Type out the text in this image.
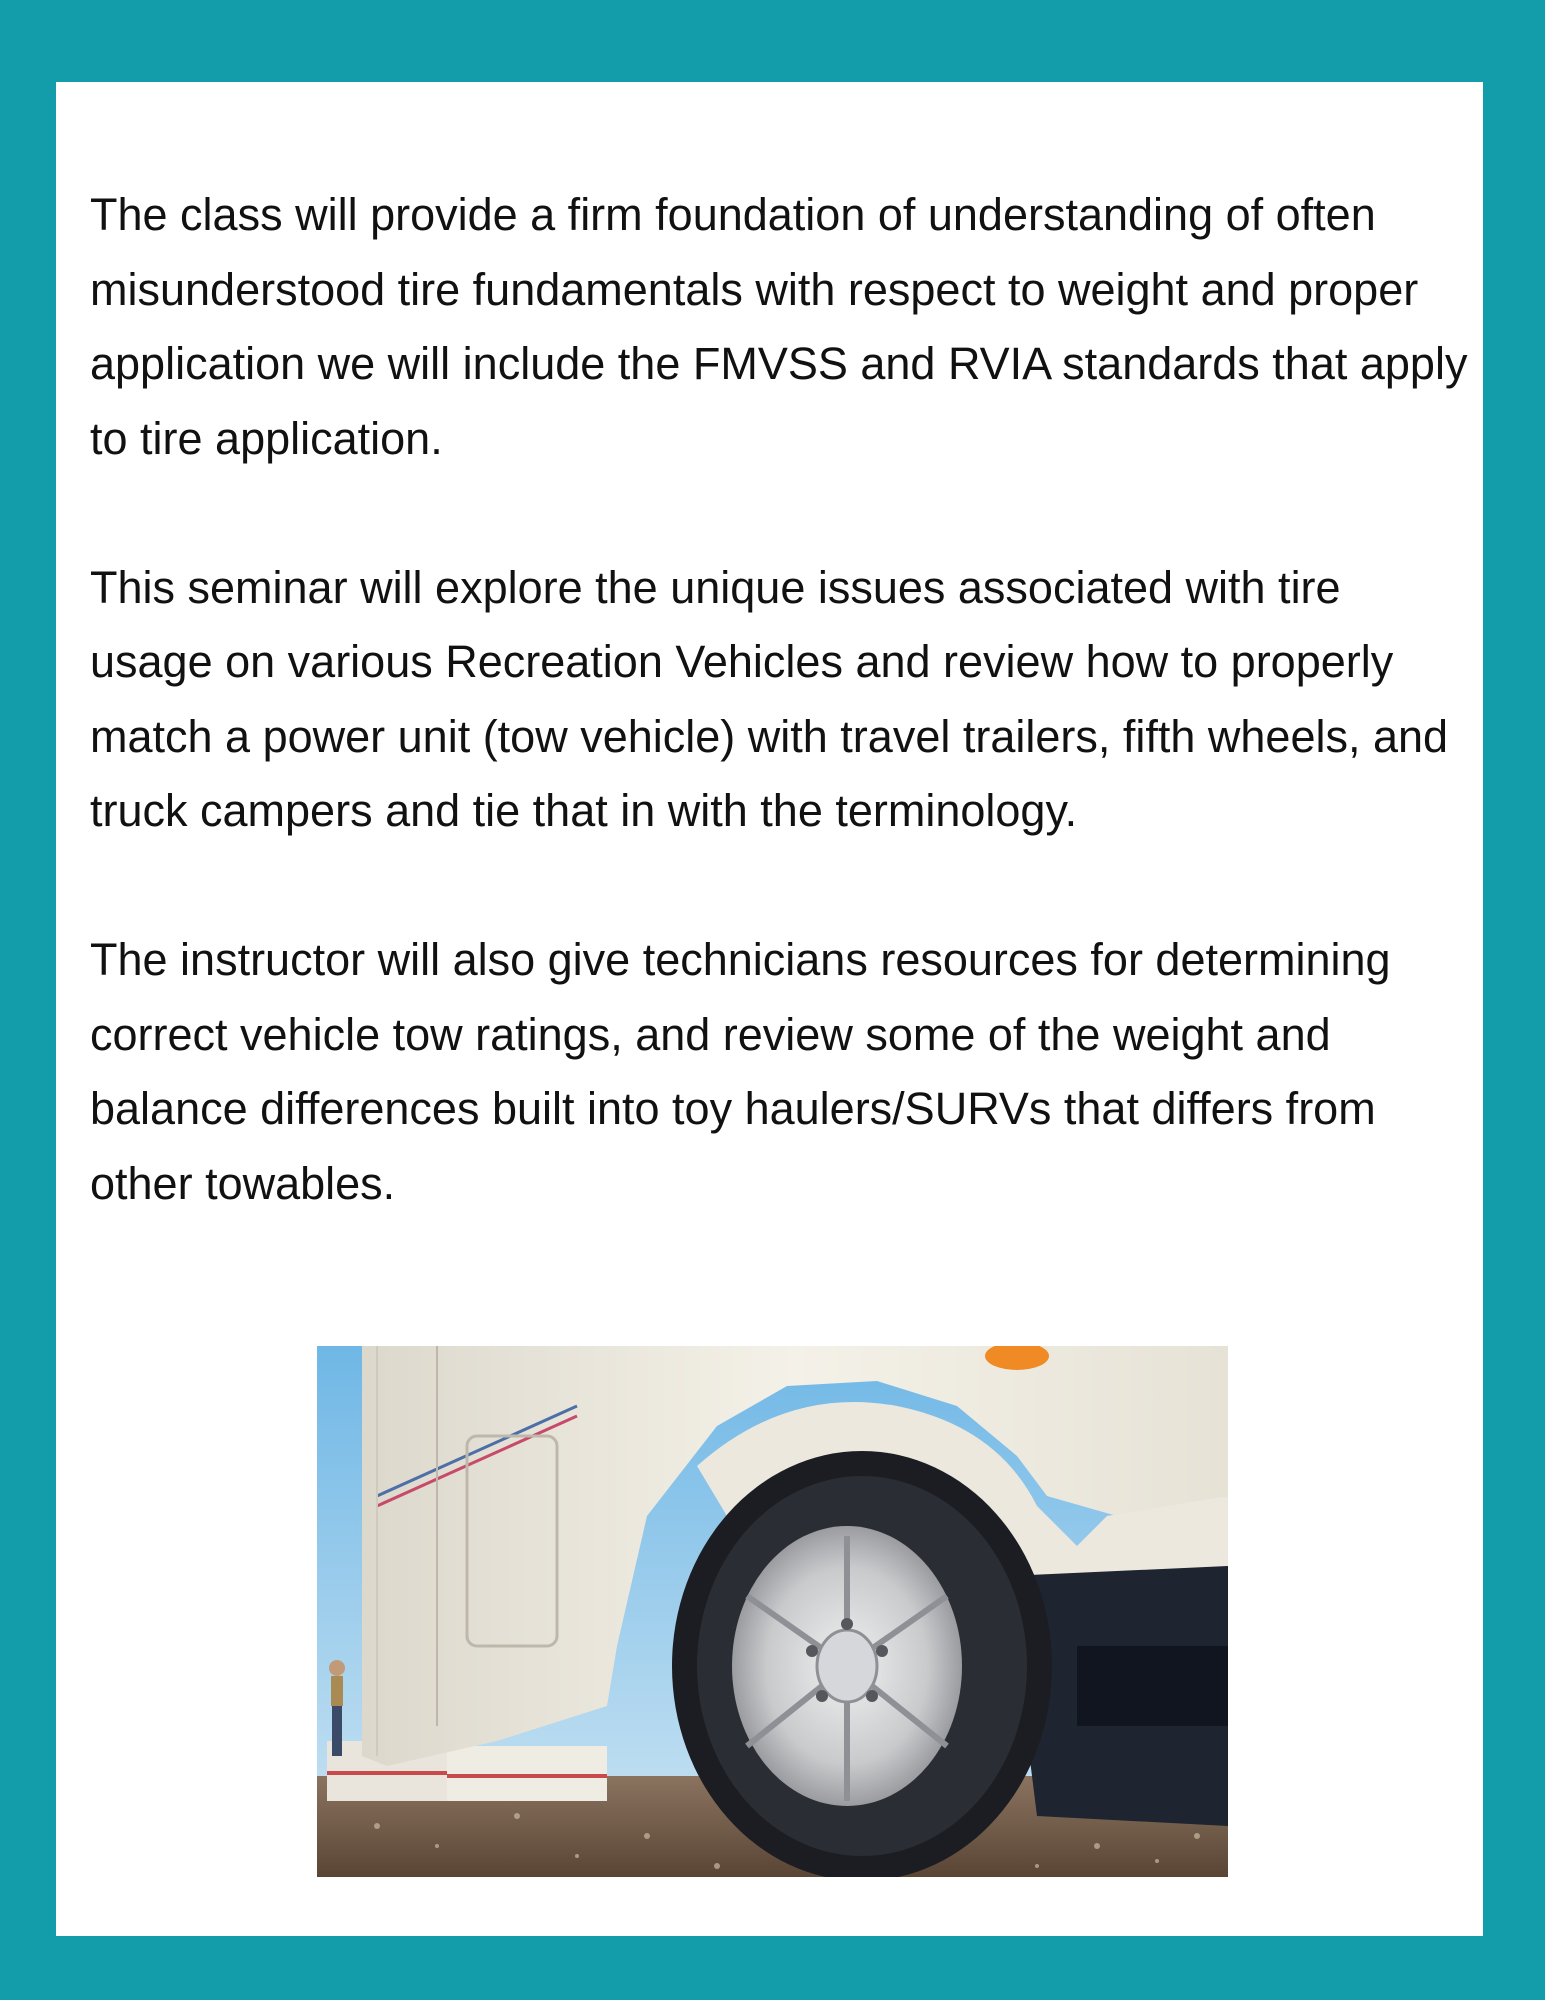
The class will provide a firm foundation of understanding of often misunderstood tire fundamentals with respect to weight and proper application we will include the FMVSS and RVIA standards that apply to tire application.

This seminar will explore the unique issues associated with tire usage on various Recreation Vehicles and review how to properly match a power unit (tow vehicle) with travel trailers, fifth wheels, and truck campers and tie that in with the terminology.

The instructor will also give technicians resources for determining correct vehicle tow ratings, and review some of the weight and balance differences built into toy haulers/SURVs that differs from other towables.
